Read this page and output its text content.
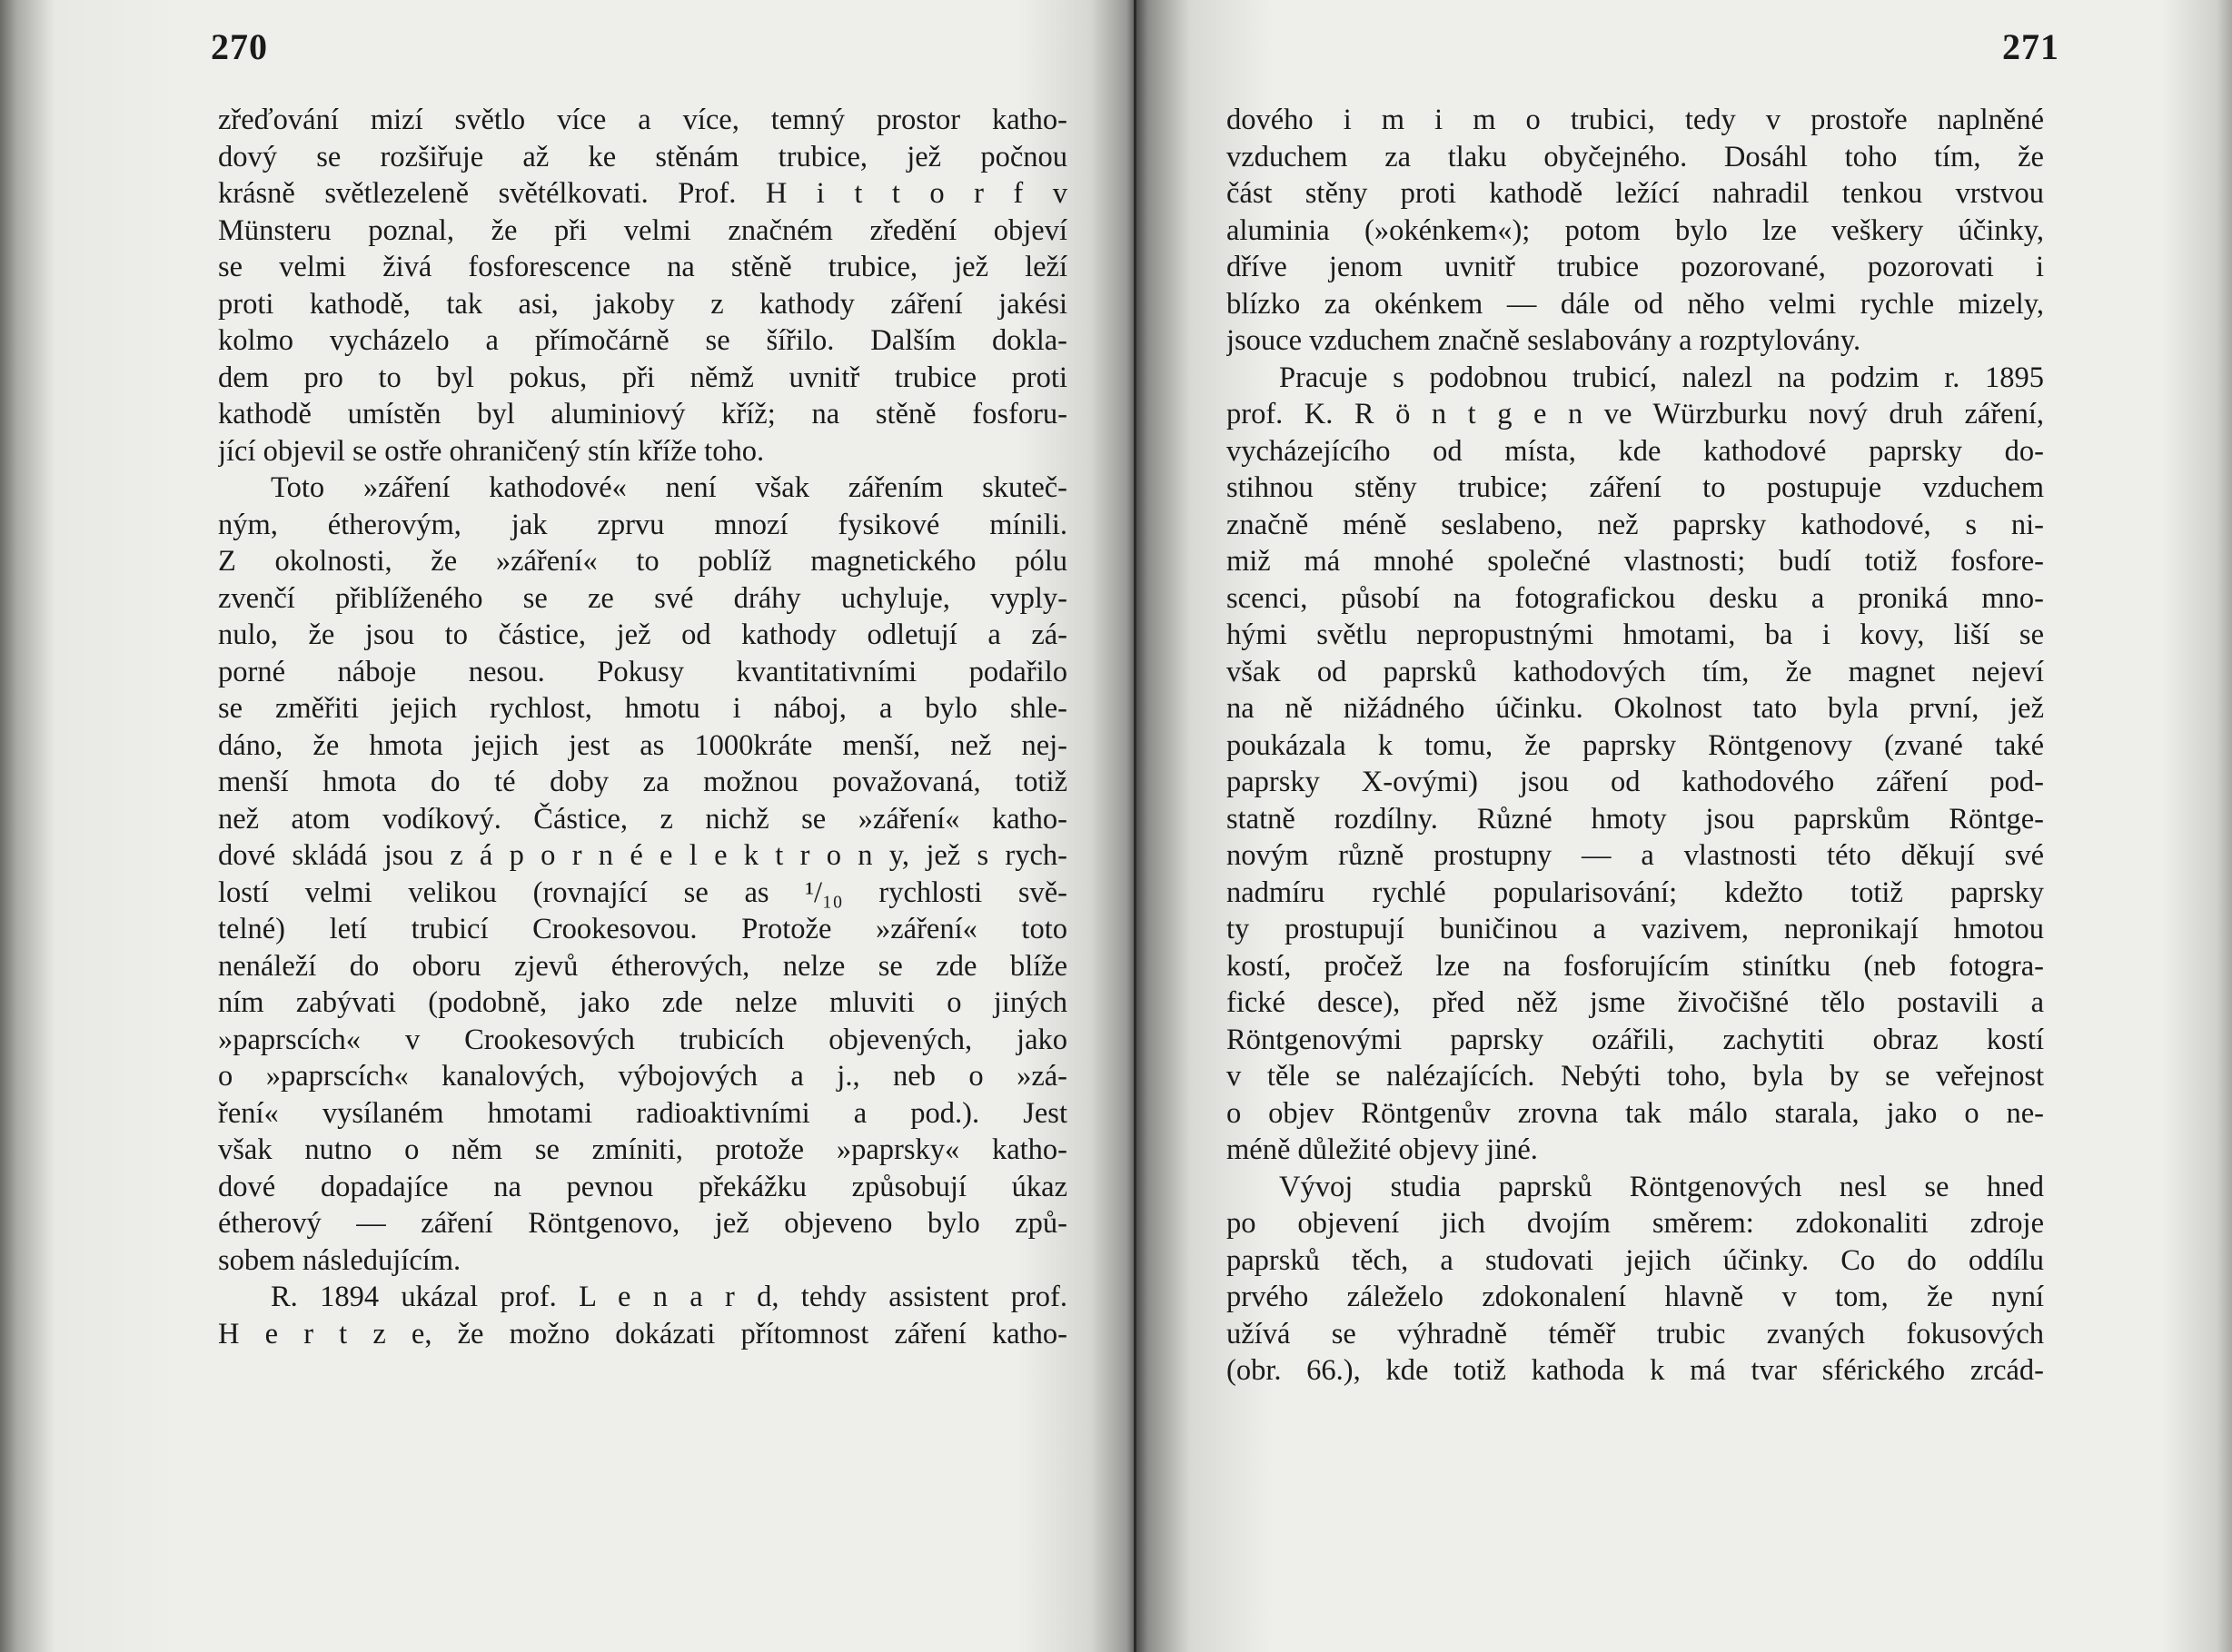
270
zřeďování mizí světlo více a více, temný prostor katho-
dový se rozšiřuje až ke stěnám trubice, jež počnou
krásně světlezeleně světélkovati. Prof. H i t t o r f v
Münsteru poznal, že při velmi značném zředění objeví
se velmi živá fosforescence na stěně trubice, jež leží
proti kathodě, tak asi, jakoby z kathody záření jakési
kolmo vycházelo a přímočárně se šířilo. Dalším dokla-
dem pro to byl pokus, při němž uvnitř trubice proti
kathodě umístěn byl aluminiový kříž; na stěně fosforu-
jící objevil se ostře ohraničený stín kříže toho.
Toto »záření kathodové« není však zářením skuteč-
ným, étherovým, jak zprvu mnozí fysikové mínili.
Z okolnosti, že »záření« to poblíž magnetického pólu
zvenčí přiblíženého se ze své dráhy uchyluje, vyply-
nulo, že jsou to částice, jež od kathody odletují a zá-
porné náboje nesou. Pokusy kvantitativními podařilo
se změřiti jejich rychlost, hmotu i náboj, a bylo shle-
dáno, že hmota jejich jest as 1000kráte menší, než nej-
menší hmota do té doby za možnou považovaná, totiž
než atom vodíkový. Částice, z nichž se »záření« katho-
dové skládá jsou z á p o r n é e l e k t r o n y, jež s rych-
lostí velmi velikou (rovnající se as ¹/₁₀ rychlosti svě-
telné) letí trubicí Crookesovou. Protože »záření« toto
nenáleží do oboru zjevů étherových, nelze se zde blíže
ním zabývati (podobně, jako zde nelze mluviti o jiných
»paprscích« v Crookesových trubicích objevených, jako
o »paprscích« kanalových, výbojových a j., neb o »zá-
ření« vysílaném hmotami radioaktivními a pod.). Jest
však nutno o něm se zmíniti, protože »paprsky« katho-
dové dopadajíce na pevnou překážku způsobují úkaz
étherový — záření Röntgenovo, jež objeveno bylo způ-
sobem následujícím.
R. 1894 ukázal prof. L e n a r d, tehdy assistent prof.
H e r t z e, že možno dokázati přítomnost záření katho-
271
dového i m i m o trubici, tedy v prostoře naplněné
vzduchem za tlaku obyčejného. Dosáhl toho tím, že
část stěny proti kathodě ležící nahradil tenkou vrstvou
aluminia (»okénkem«); potom bylo lze veškery účinky,
dříve jenom uvnitř trubice pozorované, pozorovati i
blízko za okénkem — dále od něho velmi rychle mizely,
jsouce vzduchem značně seslabovány a rozptylovány.
Pracuje s podobnou trubicí, nalezl na podzim r. 1895
prof. K. R ö n t g e n ve Würzburku nový druh záření,
vycházejícího od místa, kde kathodové paprsky do-
stihnou stěny trubice; záření to postupuje vzduchem
značně méně seslabeno, než paprsky kathodové, s ni-
miž má mnohé společné vlastnosti; budí totiž fosfore-
scenci, působí na fotografickou desku a proniká mno-
hými světlu nepropustnými hmotami, ba i kovy, liší se
však od paprsků kathodových tím, že magnet nejeví
na ně nižádného účinku. Okolnost tato byla první, jež
poukázala k tomu, že paprsky Röntgenovy (zvané také
paprsky X-ovými) jsou od kathodového záření pod-
statně rozdílny. Různé hmoty jsou paprskům Röntge-
novým různě prostupny — a vlastnosti této děkují své
nadmíru rychlé popularisování; kdežto totiž paprsky
ty prostupují buničinou a vazivem, nepronikají hmotou
kostí, pročež lze na fosforujícím stinítku (neb fotogra-
fické desce), před něž jsme živočišné tělo postavili a
Röntgenovými paprsky ozářili, zachytiti obraz kostí
v těle se nalézajících. Nebýti toho, byla by se veřejnost
o objev Röntgenův zrovna tak málo starala, jako o ne-
méně důležité objevy jiné.
Vývoj studia paprsků Röntgenových nesl se hned
po objevení jich dvojím směrem: zdokonaliti zdroje
paprsků těch, a studovati jejich účinky. Co do oddílu
prvého záleželo zdokonalení hlavně v tom, že nyní
užívá se výhradně téměř trubic zvaných fokusových
(obr. 66.), kde totiž kathoda k má tvar sférického zrcád-
